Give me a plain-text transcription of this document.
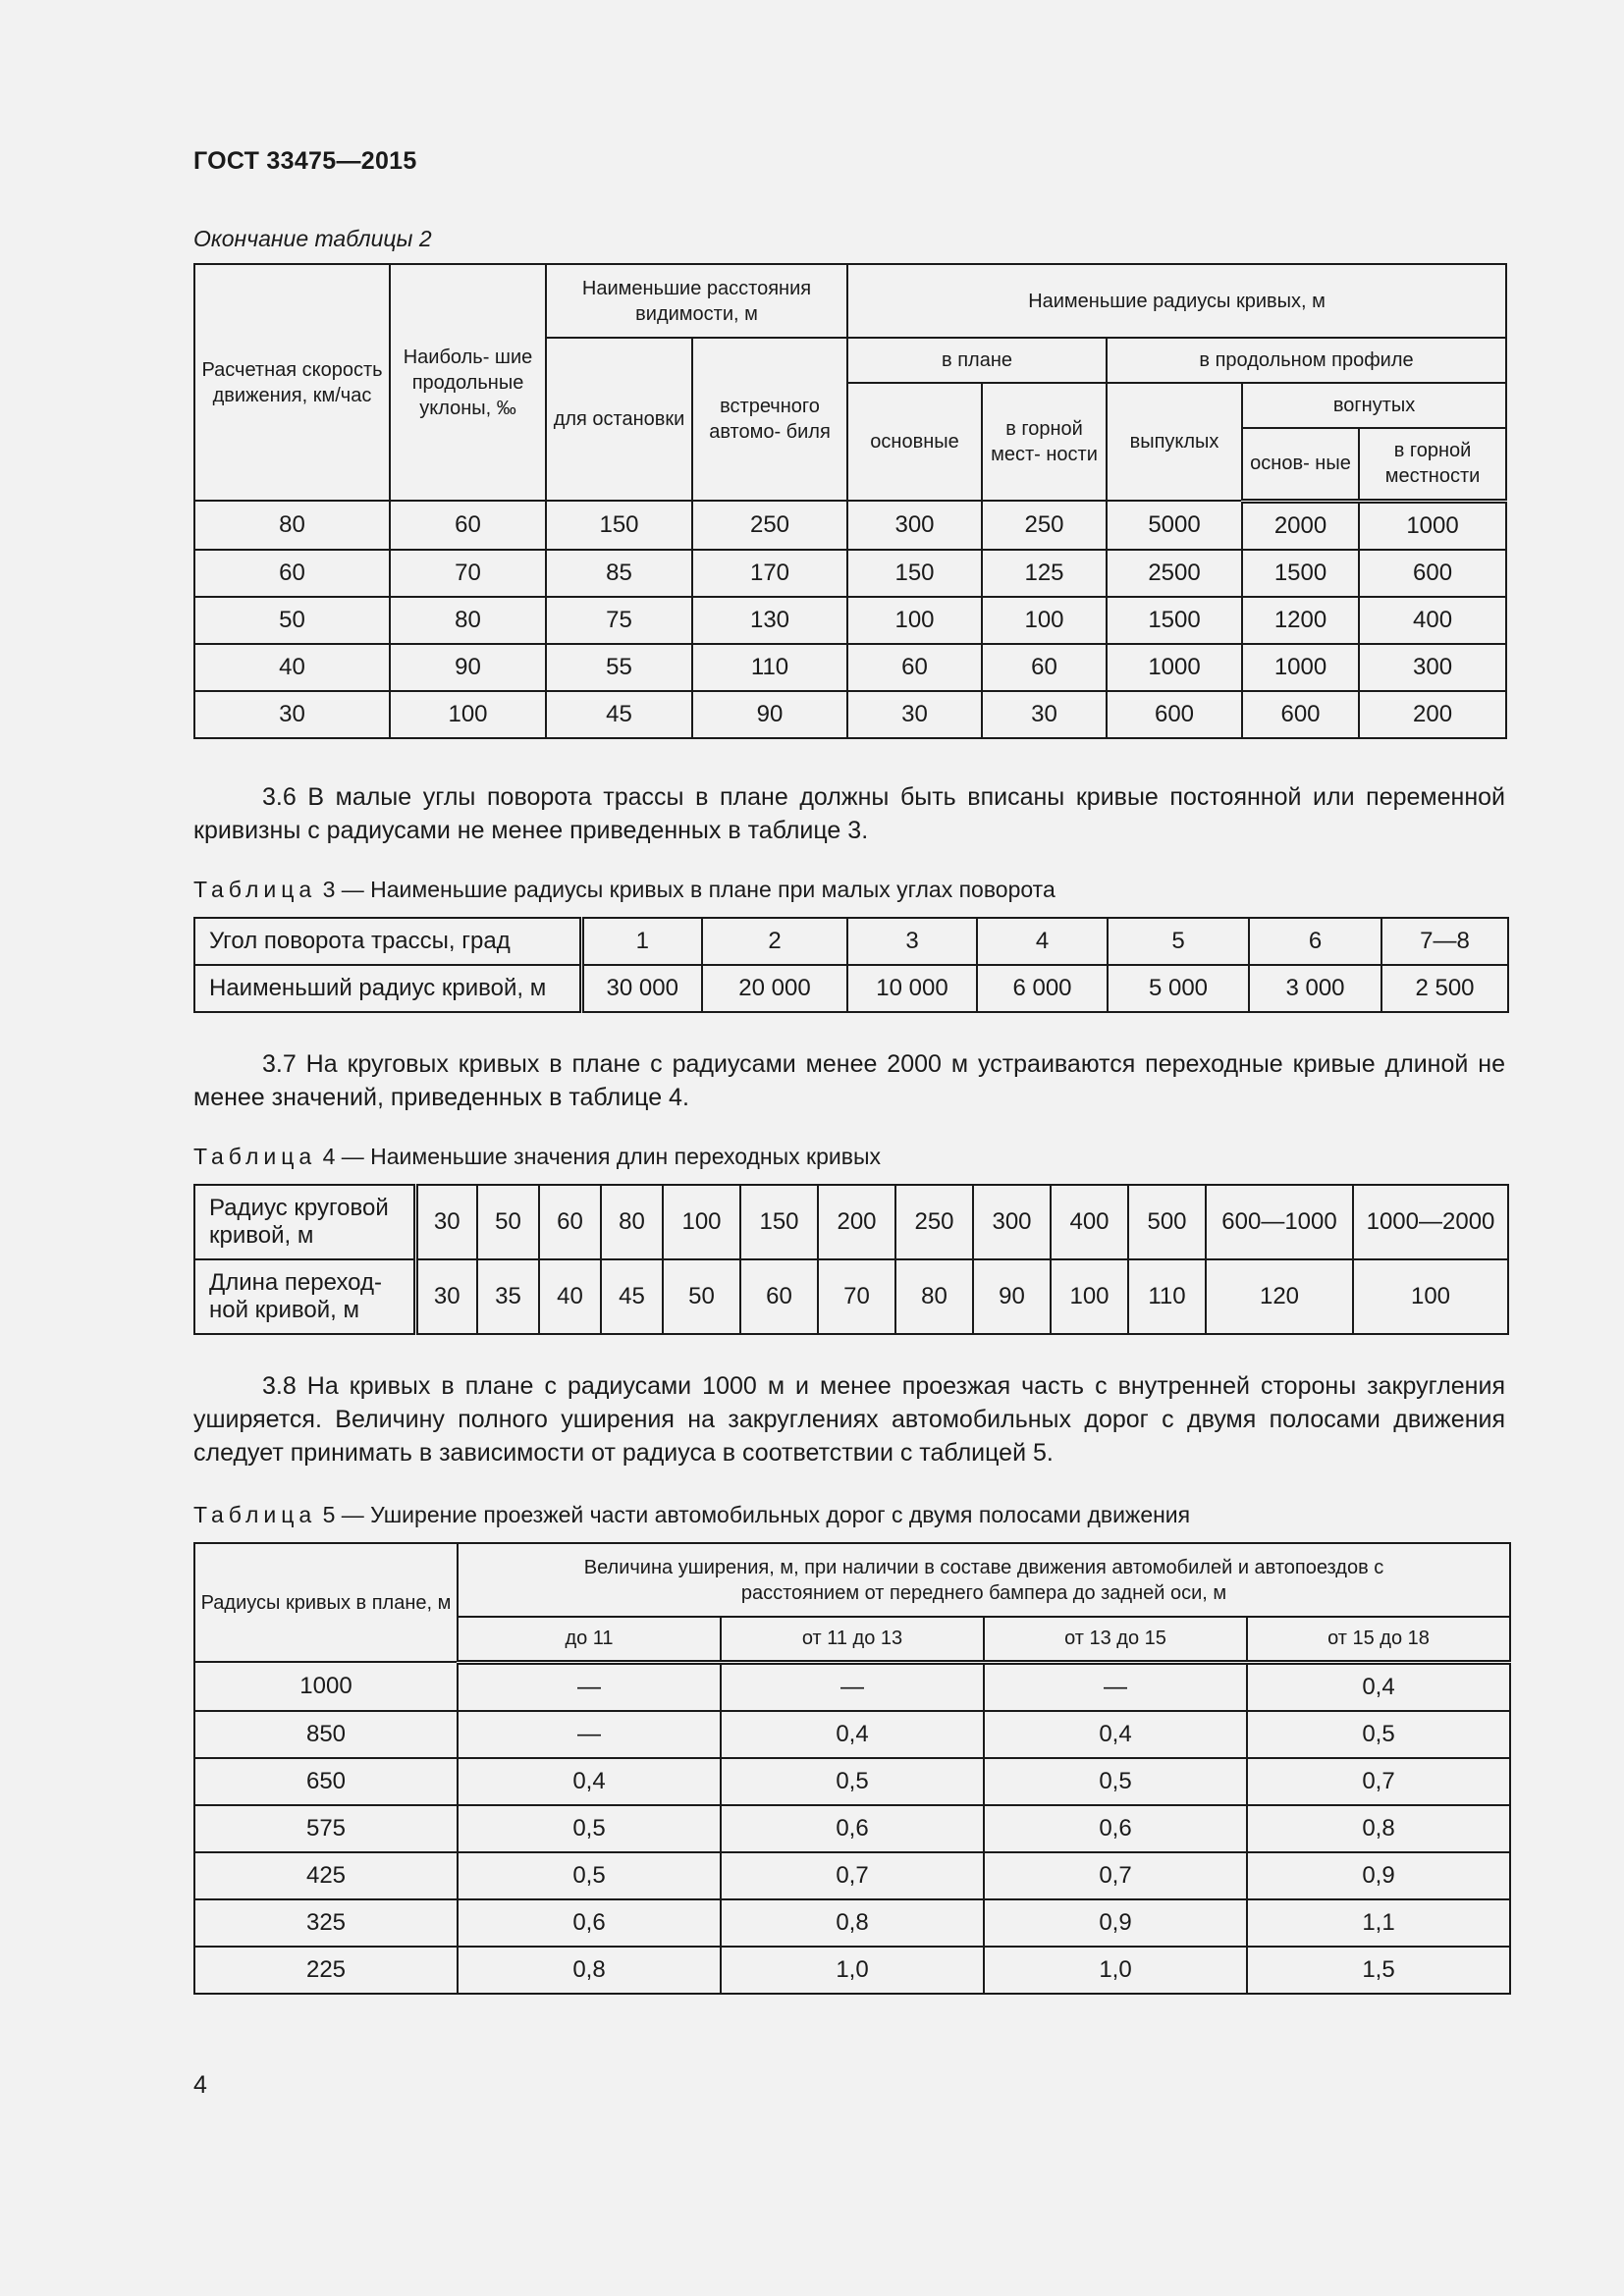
ГОСТ 33475—2015
Окончание таблицы 2
Расчетная скорость движения, км/час	Наиболь- шие продольные уклоны, ‰	Наименьшие расстояния видимости, м		Наименьшие радиусы кривых, м				
		для остановки	встречного автомо- биля	в плане		в продольном профиле		
				основные	в горной мест- ности	выпуклых	вогнутых	
							основ- ные	в горной местности
80	60	150	250	300	250	5000	2000	1000
60	70	85	170	150	125	2500	1500	600
50	80	75	130	100	100	1500	1200	400
40	90	55	110	60	60	1000	1000	300
30	100	45	90	30	30	600	600	200
3.6 В малые углы поворота трассы в плане должны быть вписаны кривые постоянной или переменной кривизны с радиусами не менее приведенных в таблице 3.
Таблица 3 — Наименьшие радиусы кривых в плане при малых углах поворота
Угол поворота трассы, град	1	2	3	4	5	6	7—8
Наименьший радиус кривой, м	30 000	20 000	10 000	6 000	5 000	3 000	2 500
3.7 На круговых кривых в плане с радиусами менее 2000 м устраиваются переходные кривые длиной не менее значений, приведенных в таблице 4.
Таблица 4 — Наименьшие значения длин переходных кривых
Радиус круговой кривой, м	30	50	60	80	100	150	200	250	300	400	500	600—1000	1000—2000
Длина переход-ной кривой, м	30	35	40	45	50	60	70	80	90	100	110	120	100
3.8 На кривых в плане с радиусами 1000 м и менее проезжая часть с внутренней стороны закругления уширяется. Величину полного уширения на закруглениях автомобильных дорог с двумя полосами движения следует принимать в зависимости от радиуса в соответствии с таблицей 5.
Таблица 5 — Уширение проезжей части автомобильных дорог с двумя полосами движения
Радиусы кривых в плане, м	Величина уширения, м, при наличии в составе движения автомобилей и автопоездов с расстоянием от переднего бампера до задней оси, м			
	до 11	от 11 до 13	от 13 до 15	от 15 до 18
1000	—	—	—	0,4
850	—	0,4	0,4	0,5
650	0,4	0,5	0,5	0,7
575	0,5	0,6	0,6	0,8
425	0,5	0,7	0,7	0,9
325	0,6	0,8	0,9	1,1
225	0,8	1,0	1,0	1,5
4
